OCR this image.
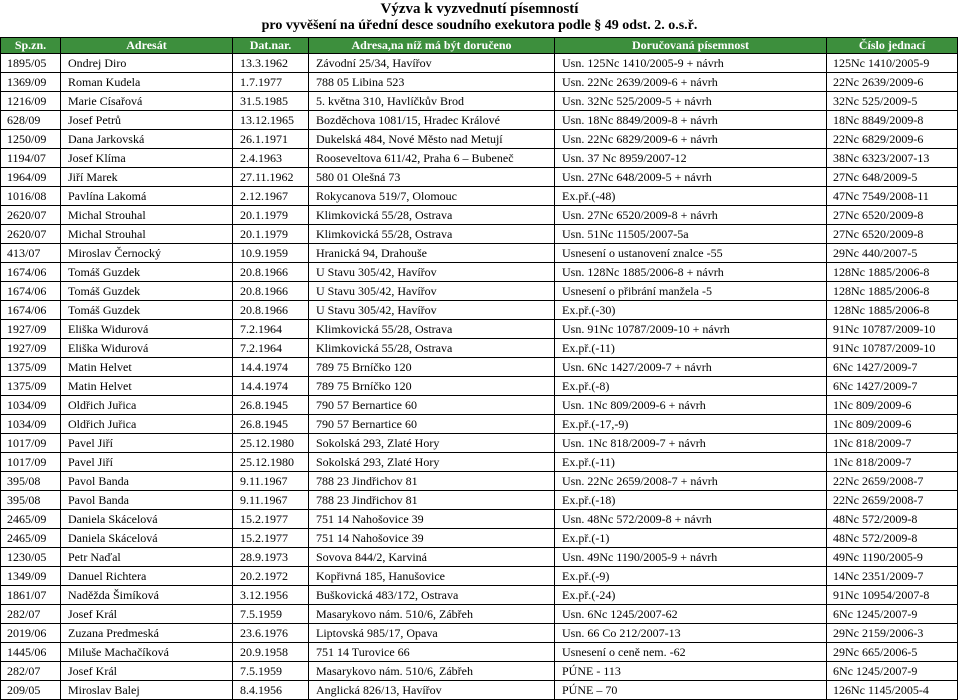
Výzva k vyzvednutí písemností
pro vyvěšení na úřední desce soudního exekutora podle § 49 odst. 2. o.s.ř.
Sp.zn.	Adresát	Dat.nar.	Adresa,na níž má být doručeno	Doručovaná písemnost	Číslo jednací
1895/05	Ondrej Diro	13.3.1962	Závodní 25/34, Havířov	Usn. 125Nc 1410/2005-9 + návrh	125Nc 1410/2005-9
1369/09	Roman Kudela	1.7.1977	788 05 Libina 523	Usn. 22Nc 2639/2009-6 + návrh	22Nc 2639/2009-6
1216/09	Marie Císařová	31.5.1985	5. května 310, Havlíčkův Brod	Usn. 32Nc 525/2009-5 + návrh	32Nc 525/2009-5
628/09	Josef Petrů	13.12.1965	Bozděchova 1081/15, Hradec Králové	Usn. 18Nc 8849/2009-8 + návrh	18Nc 8849/2009-8
1250/09	Dana Jarkovská	26.1.1971	Dukelská 484, Nové Město nad Metují	Usn. 22Nc 6829/2009-6 + návrh	22Nc 6829/2009-6
1194/07	Josef Klíma	2.4.1963	Rooseveltova 611/42, Praha 6 – Bubeneč	Usn. 37 Nc 8959/2007-12	38Nc 6323/2007-13
1964/09	Jiří Marek	27.11.1962	580 01 Olešná 73	Usn. 27Nc 648/2009-5 + návrh	27Nc 648/2009-5
1016/08	Pavlína Lakomá	2.12.1967	Rokycanova 519/7, Olomouc	Ex.př.(-48)	47Nc 7549/2008-11
2620/07	Michal Strouhal	20.1.1979	Klimkovická 55/28, Ostrava	Usn. 27Nc 6520/2009-8 + návrh	27Nc 6520/2009-8
2620/07	Michal Strouhal	20.1.1979	Klimkovická 55/28, Ostrava	Usn. 51Nc 11505/2007-5a	27Nc 6520/2009-8
413/07	Miroslav Černocký	10.9.1959	Hranická 94, Drahouše	Usnesení o ustanovení znalce -55	29Nc 440/2007-5
1674/06	Tomáš Guzdek	20.8.1966	U Stavu 305/42, Havířov	Usn. 128Nc 1885/2006-8 + návrh	128Nc 1885/2006-8
1674/06	Tomáš Guzdek	20.8.1966	U Stavu 305/42, Havířov	Usnesení o přibrání manžela -5	128Nc 1885/2006-8
1674/06	Tomáš Guzdek	20.8.1966	U Stavu 305/42, Havířov	Ex.př.(-30)	128Nc 1885/2006-8
1927/09	Eliška Widurová	7.2.1964	Klimkovická 55/28, Ostrava	Usn. 91Nc 10787/2009-10 + návrh	91Nc 10787/2009-10
1927/09	Eliška Widurová	7.2.1964	Klimkovická 55/28, Ostrava	Ex.př.(-11)	91Nc 10787/2009-10
1375/09	Matin Helvet	14.4.1974	789 75 Brníčko 120	Usn. 6Nc 1427/2009-7 + návrh	6Nc 1427/2009-7
1375/09	Matin Helvet	14.4.1974	789 75 Brníčko 120	Ex.př.(-8)	6Nc 1427/2009-7
1034/09	Oldřich Juřica	26.8.1945	790 57 Bernartice 60	Usn. 1Nc 809/2009-6 + návrh	1Nc 809/2009-6
1034/09	Oldřich Juřica	26.8.1945	790 57 Bernartice 60	Ex.př.(-17,-9)	1Nc 809/2009-6
1017/09	Pavel Jiří	25.12.1980	Sokolská 293, Zlaté Hory	Usn. 1Nc 818/2009-7 + návrh	1Nc 818/2009-7
1017/09	Pavel Jiří	25.12.1980	Sokolská 293, Zlaté Hory	Ex.př.(-11)	1Nc 818/2009-7
395/08	Pavol Banda	9.11.1967	788 23 Jindřichov 81	Usn. 22Nc 2659/2008-7 + návrh	22Nc 2659/2008-7
395/08	Pavol Banda	9.11.1967	788 23 Jindřichov 81	Ex.př.(-18)	22Nc 2659/2008-7
2465/09	Daniela Skácelová	15.2.1977	751 14 Nahošovice 39	Usn. 48Nc 572/2009-8 + návrh	48Nc 572/2009-8
2465/09	Daniela Skácelová	15.2.1977	751 14 Nahošovice 39	Ex.př.(-1)	48Nc 572/2009-8
1230/05	Petr Naďal	28.9.1973	Sovova 844/2, Karviná	Usn. 49Nc 1190/2005-9 + návrh	49Nc 1190/2005-9
1349/09	Danuel Richtera	20.2.1972	Kopřivná 185, Hanušovice	Ex.př.(-9)	14Nc 2351/2009-7
1861/07	Naděžda Šimíková	3.12.1956	Buškovická 483/172, Ostrava	Ex.př.(-24)	91Nc 10954/2007-8
282/07	Josef Král	7.5.1959	Masarykovo nám. 510/6, Zábřeh	Usn. 6Nc 1245/2007-62	6Nc 1245/2007-9
2019/06	Zuzana Predmeská	23.6.1976	Liptovská 985/17, Opava	Usn. 66 Co 212/2007-13	29Nc 2159/2006-3
1445/06	Miluše Machačíková	20.9.1958	751 14 Turovice 66	Usnesení o ceně nem. -62	29Nc 665/2006-5
282/07	Josef Král	7.5.1959	Masarykovo nám. 510/6, Zábřeh	PÚNE - 113	6Nc 1245/2007-9
209/05	Miroslav Balej	8.4.1956	Anglická 826/13, Havířov	PÚNE – 70	126Nc 1145/2005-4
